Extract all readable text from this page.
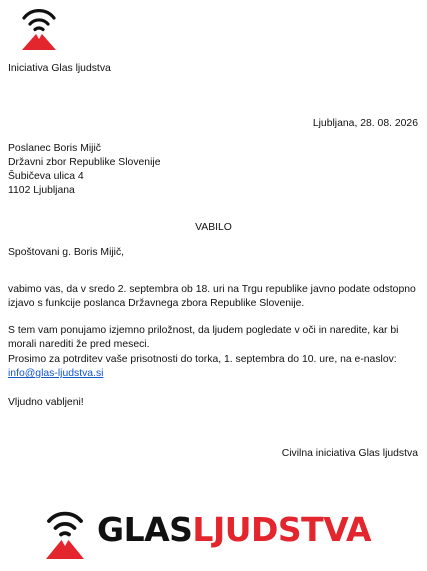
Iniciativa Glas ljudstva
Ljubljana, 28. 08. 2026
Poslanec Boris Mijič
Državni zbor Republike Slovenije
Šubičeva ulica 4
1102 Ljubljana
VABILO
Spoštovani g. Boris Mijič,

vabimo vas, da v sredo 2. septembra ob 18. uri na Trgu republike javno podate odstopno izjavo s funkcije poslanca Državnega zbora Republike Slovenije.

S tem vam ponujamo izjemno priložnost, da ljudem pogledate v oči in naredite, kar bi morali narediti že pred meseci.

Prosimo za potrditev vaše prisotnosti do torka, 1. septembra do 10. ure, na e-naslov:
info@glas-ljudstva.si
Vljudno vabljeni!
Civilna iniciativa Glas ljudstva
GLASLJUDSTVA
